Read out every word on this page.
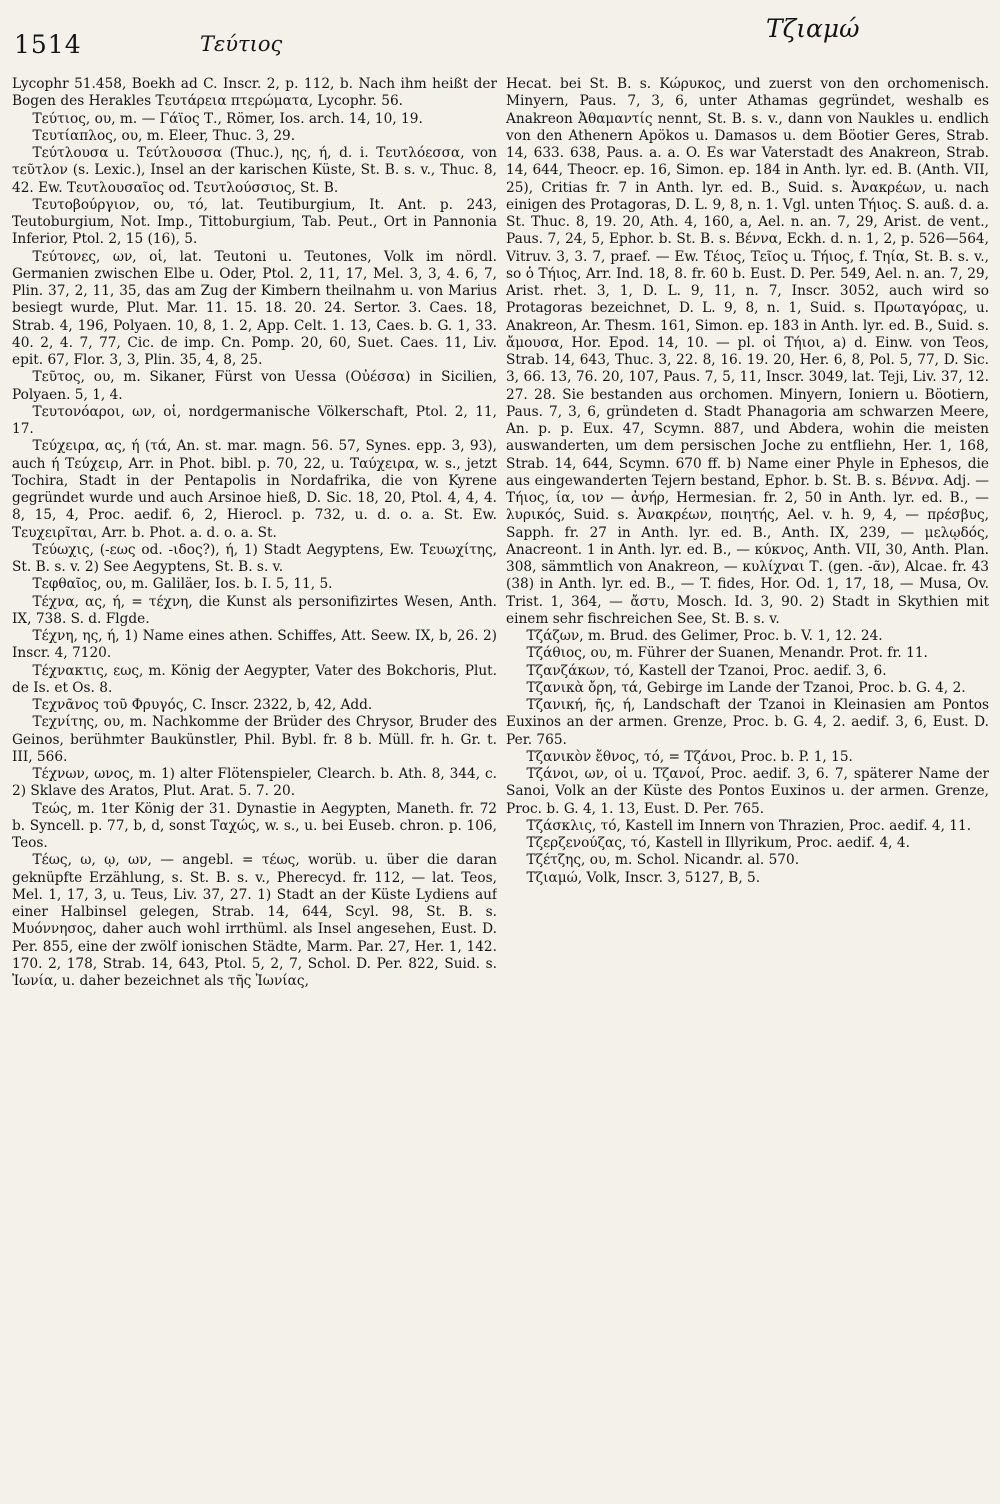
1514	Τεύτιος
Τζιαμώ

Lycophr 51.458, Boekh ad C. Inscr. 2, p. 112, b. Nach ihm heißt der Bogen des Herakles Τευτάρεια πτερώματα, Lycophr. 56.

Τεύτιος, ου, m. — Γάϊος Τ., Römer, Ios. arch. 14, 10, 19.

Τευτίαπλος, ου, m. Eleer, Thuc. 3, 29.

Τεύτλουσα u. Τεύτλουσσα (Thuc.), ης, ή, d. i. Τευτλόεσσα, von τεῦτλον (s. Lexic.), Insel an der karischen Küste, St. B. s. v., Thuc. 8, 42. Ew. Τευτλουσαῖος od. Τευτλούσσιος, St. B.

Τευτοβούργιον, ου, τό, lat. Teutiburgium, It. Ant. p. 243, Teutoburgium, Not. Imp., Tittoburgium, Tab. Peut., Ort in Pannonia Inferior, Ptol. 2, 15 (16), 5.

Τεύτονες, ων, οἱ, lat. Teutoni u. Teutones, Volk im nördl. Germanien zwischen Elbe u. Oder, Ptol. 2, 11, 17, Mel. 3, 3, 4. 6, 7, Plin. 37, 2, 11, 35, das am Zug der Kimbern theilnahm u. von Marius besiegt wurde, Plut. Mar. 11. 15. 18. 20. 24. Sertor. 3. Caes. 18, Strab. 4, 196, Polyaen. 10, 8, 1. 2, App. Celt. 1. 13, Caes. b. G. 1, 33. 40. 2, 4. 7, 77, Cic. de imp. Cn. Pomp. 20, 60, Suet. Caes. 11, Liv. epit. 67, Flor. 3, 3, Plin. 35, 4, 8, 25.

Τεῦτος, ου, m. Sikaner, Fürst von Uessa (Οὐέσσα) in Sicilien, Polyaen. 5, 1, 4.

Τευτονόαροι, ων, οἱ, nordgermanische Völkerschaft, Ptol. 2, 11, 17.

Τεύχειρα, ας, ή (τά, An. st. mar. magn. 56. 57, Synes. epp. 3, 93), auch ή Τεύχειρ, Arr. in Phot. bibl. p. 70, 22, u. Ταύχειρα, w. s., jetzt Tochira, Stadt in der Pentapolis in Nordafrika, die von Kyrene gegründet wurde und auch Arsinoe hieß, D. Sic. 18, 20, Ptol. 4, 4, 4. 8, 15, 4, Proc. aedif. 6, 2, Hierocl. p. 732, u. d. o. a. St. Ew. Τευχειρῖται, Arr. b. Phot. a. d. o. a. St.

Τεύωχις, (-εως od. -ιδος?), ή, 1) Stadt Aegyptens, Ew. Τευωχίτης, St. B. s. v. 2) See Aegyptens, St. B. s. v.

Τεφθαῖος, ου, m. Galiläer, Ios. b. I. 5, 11, 5.

Τέχνα, ας, ή, = τέχνη, die Kunst als personifizirtes Wesen, Anth. IX, 738. S. d. Flgde.

Τέχνη, ης, ή, 1) Name eines athen. Schiffes, Att. Seew. IX, b, 26. 2) Inscr. 4, 7120.

Τέχνακτις, εως, m. König der Aegypter, Vater des Bokchoris, Plut. de Is. et Os. 8.

Τεχνᾶνος τοῦ Φρυγός, C. Inscr. 2322, b, 42, Add.

Τεχνίτης, ου, m. Nachkomme der Brüder des Chrysor, Bruder des Geinos, berühmter Baukünstler, Phil. Bybl. fr. 8 b. Müll. fr. h. Gr. t. III, 566.

Τέχνων, ωνος, m. 1) alter Flötenspieler, Clearch. b. Ath. 8, 344, c. 2) Sklave des Aratos, Plut. Arat. 5. 7. 20.

Τεώς, m. 1ter König der 31. Dynastie in Aegypten, Maneth. fr. 72 b. Syncell. p. 77, b, d, sonst Ταχώς, w. s., u. bei Euseb. chron. p. 106, Teos.

Τέως, ω, ῳ, ων, — angebl. = τέως, worüb. u. über die daran geknüpfte Erzählung, s. St. B. s. v., Pherecyd. fr. 112, — lat. Teos, Mel. 1, 17, 3, u. Teus, Liv. 37, 27. 1) Stadt an der Küste Lydiens auf einer Halbinsel gelegen, Strab. 14, 644, Scyl. 98, St. B. s. Μυόννησος, daher auch wohl irrthüml. als Insel angesehen, Eust. D. Per. 855, eine der zwölf ionischen Städte, Marm. Par. 27, Her. 1, 142. 170. 2, 178, Strab. 14, 643, Ptol. 5, 2, 7, Schol. D. Per. 822, Suid. s. Ἰωνία, u. daher bezeichnet als τῆς Ἰωνίας,

Hecat. bei St. B. s. Κώρυκος, und zuerst von den orchomenisch. Minyern, Paus. 7, 3, 6, unter Athamas gegründet, weshalb es Anakreon Ἀθαμαντίς nennt, St. B. s. v., dann von Naukles u. endlich von den Athenern Apökos u. Damasos u. dem Böotier Geres, Strab. 14, 633. 638, Paus. a. a. O. Es war Vaterstadt des Anakreon, Strab. 14, 644, Theocr. ep. 16, Simon. ep. 184 in Anth. lyr. ed. B. (Anth. VII, 25), Critias fr. 7 in Anth. lyr. ed. B., Suid. s. Ἀνακρέων, u. nach einigen des Protagoras, D. L. 9, 8, n. 1. Vgl. unten Τήιος. S. auß. d. a. St. Thuc. 8, 19. 20, Ath. 4, 160, a, Ael. n. an. 7, 29, Arist. de vent., Paus. 7, 24, 5, Ephor. b. St. B. s. Βέννα, Eckh. d. n. 1, 2, p. 526—564, Vitruv. 3, 3. 7, praef. — Ew. Τέιος, Τεῖος u. Τήιος, f. Τηία, St. B. s. v., so ὁ Τήιος, Arr. Ind. 18, 8. fr. 60 b. Eust. D. Per. 549, Ael. n. an. 7, 29, Arist. rhet. 3, 1, D. L. 9, 11, n. 7, Inscr. 3052, auch wird so Protagoras bezeichnet, D. L. 9, 8, n. 1, Suid. s. Πρωταγόρας, u. Anakreon, Ar. Thesm. 161, Simon. ep. 183 in Anth. lyr. ed. B., Suid. s. ἄμουσα, Hor. Epod. 14, 10. — pl. οἱ Τήιοι, a) d. Einw. von Teos, Strab. 14, 643, Thuc. 3, 22. 8, 16. 19. 20, Her. 6, 8, Pol. 5, 77, D. Sic. 3, 66. 13, 76. 20, 107, Paus. 7, 5, 11, Inscr. 3049, lat. Teji, Liv. 37, 12. 27. 28. Sie bestanden aus orchomen. Minyern, Ioniern u. Böotiern, Paus. 7, 3, 6, gründeten d. Stadt Phanagoria am schwarzen Meere, An. p. p. Eux. 47, Scymn. 887, und Abdera, wohin die meisten auswanderten, um dem persischen Joche zu entfliehn, Her. 1, 168, Strab. 14, 644, Scymn. 670 ff. b) Name einer Phyle in Ephesos, die aus eingewanderten Tejern bestand, Ephor. b. St. B. s. Βέννα. Adj. — Τήιος, ία, ιον — ἀνήρ, Hermesian. fr. 2, 50 in Anth. lyr. ed. B., — λυρικός, Suid. s. Ἀνακρέων, ποιητής, Ael. v. h. 9, 4, — πρέσβυς, Sapph. fr. 27 in Anth. lyr. ed. B., Anth. IX, 239, — μελῳδός, Anacreont. 1 in Anth. lyr. ed. B., — κύκνος, Anth. VII, 30, Anth. Plan. 308, sämmtlich von Anakreon, — κυλίχναι Τ. (gen. -ᾶν), Alcae. fr. 43 (38) in Anth. lyr. ed. B., — T. fides, Hor. Od. 1, 17, 18, — Musa, Ov. Trist. 1, 364, — ἄστυ, Mosch. Id. 3, 90. 2) Stadt in Skythien mit einem sehr fischreichen See, St. B. s. v.

Τζάζων, m. Brud. des Gelimer, Proc. b. V. 1, 12. 24.

Τζάθιος, ου, m. Führer der Suanen, Menandr. Prot. fr. 11.

Τζανζάκων, τό, Kastell der Tzanoi, Proc. aedif. 3, 6.

Τζανικὰ ὄρη, τά, Gebirge im Lande der Tzanoi, Proc. b. G. 4, 2.

Τζανική, ῆς, ή, Landschaft der Tzanoi in Kleinasien am Pontos Euxinos an der armen. Grenze, Proc. b. G. 4, 2. aedif. 3, 6, Eust. D. Per. 765.

Τζανικὸν ἔθνος, τό, = Τζάνοι, Proc. b. P. 1, 15.

Τζάνοι, ων, οἱ u. Τζανοί, Proc. aedif. 3, 6. 7, späterer Name der Sanoi, Volk an der Küste des Pontos Euxinos u. der armen. Grenze, Proc. b. G. 4, 1. 13, Eust. D. Per. 765.

Τζάσκλις, τό, Kastell im Innern von Thrazien, Proc. aedif. 4, 11.

Τζερζενούζας, τό, Kastell in Illyrikum, Proc. aedif. 4, 4.

Τζέτζης, ου, m. Schol. Nicandr. al. 570.

Τζιαμώ, Volk, Inscr. 3, 5127, B, 5.
